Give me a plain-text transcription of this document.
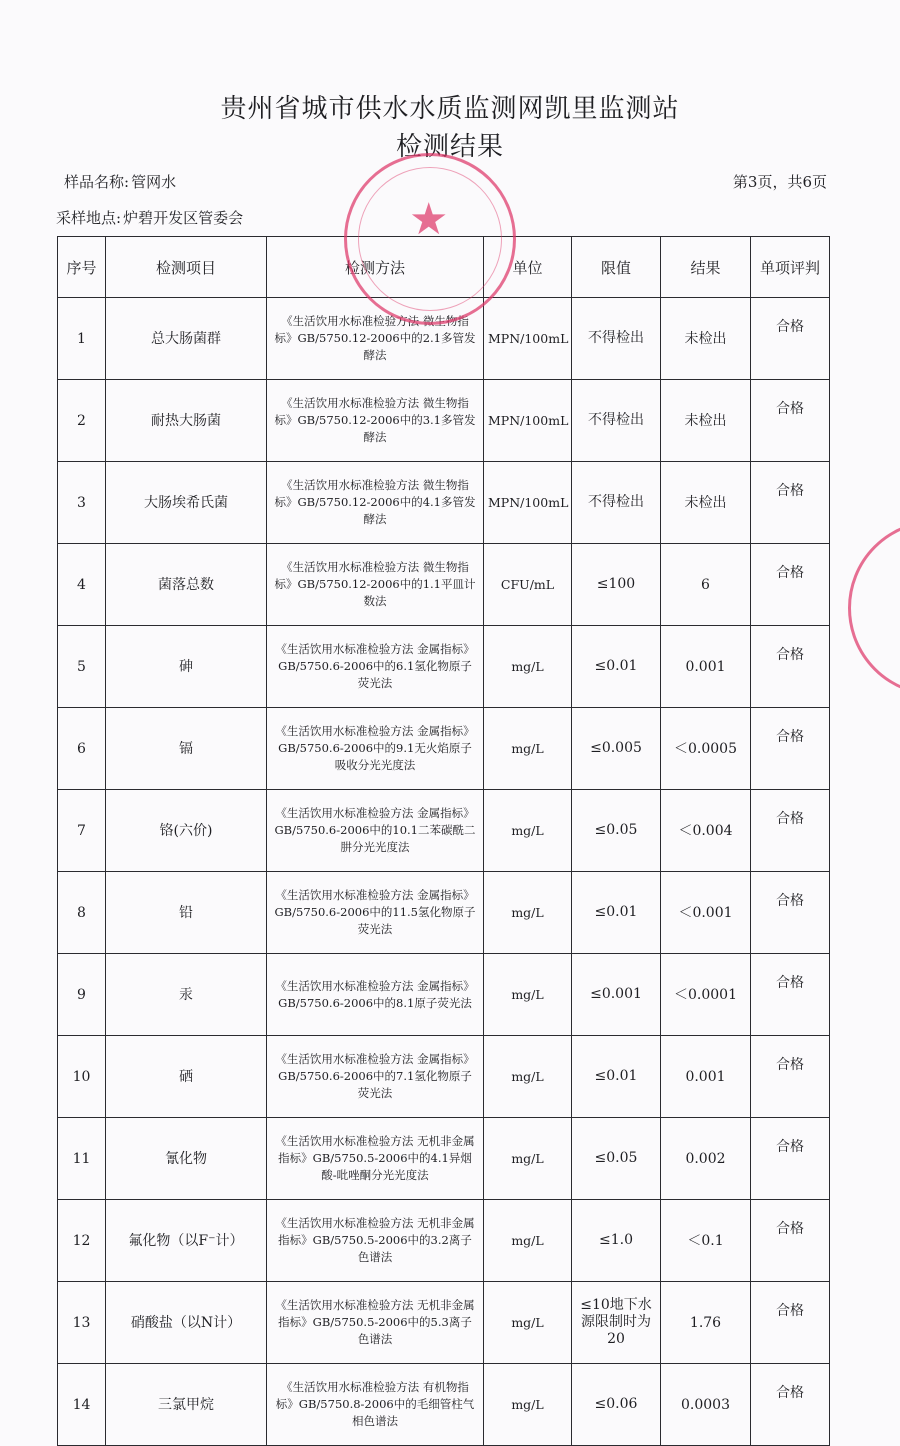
贵州省城市供水水质监测网凯里监测站
检测结果
样品名称: 管网水	第3页，共6页
采样地点: 炉碧开发区管委会
序号	检测项目	检测方法	单位	限值	结果	单项评判
1	总大肠菌群	《生活饮用水标准检验方法 微生物指标》GB/5750.12-2006中的2.1多管发酵法	MPN/100mL	不得检出	未检出	合格
2	耐热大肠菌	《生活饮用水标准检验方法 微生物指标》GB/5750.12-2006中的3.1多管发酵法	MPN/100mL	不得检出	未检出	合格
3	大肠埃希氏菌	《生活饮用水标准检验方法 微生物指标》GB/5750.12-2006中的4.1多管发酵法	MPN/100mL	不得检出	未检出	合格
4	菌落总数	《生活饮用水标准检验方法 微生物指标》GB/5750.12-2006中的1.1平皿计数法	CFU/mL	≤100	6	合格
5	砷	《生活饮用水标准检验方法 金属指标》GB/5750.6-2006中的6.1氢化物原子荧光法	mg/L	≤0.01	0.001	合格
6	镉	《生活饮用水标准检验方法 金属指标》GB/5750.6-2006中的9.1无火焰原子吸收分光光度法	mg/L	≤0.005	＜0.0005	合格
7	铬(六价)	《生活饮用水标准检验方法 金属指标》GB/5750.6-2006中的10.1二苯碳酰二肼分光光度法	mg/L	≤0.05	＜0.004	合格
8	铅	《生活饮用水标准检验方法 金属指标》GB/5750.6-2006中的11.5氢化物原子荧光法	mg/L	≤0.01	＜0.001	合格
9	汞	《生活饮用水标准检验方法 金属指标》GB/5750.6-2006中的8.1原子荧光法	mg/L	≤0.001	＜0.0001	合格
10	硒	《生活饮用水标准检验方法 金属指标》GB/5750.6-2006中的7.1氢化物原子荧光法	mg/L	≤0.01	0.001	合格
11	氰化物	《生活饮用水标准检验方法 无机非金属指标》GB/5750.5-2006中的4.1异烟酸-吡唑酮分光光度法	mg/L	≤0.05	0.002	合格
12	氟化物（以F⁻计）	《生活饮用水标准检验方法 无机非金属指标》GB/5750.5-2006中的3.2离子色谱法	mg/L	≤1.0	＜0.1	合格
13	硝酸盐（以N计）	《生活饮用水标准检验方法 无机非金属指标》GB/5750.5-2006中的5.3离子色谱法	mg/L	≤10地下水源限制时为20	1.76	合格
14	三氯甲烷	《生活饮用水标准检验方法 有机物指标》GB/5750.8-2006中的毛细管柱气相色谱法	mg/L	≤0.06	0.0003	合格
★
